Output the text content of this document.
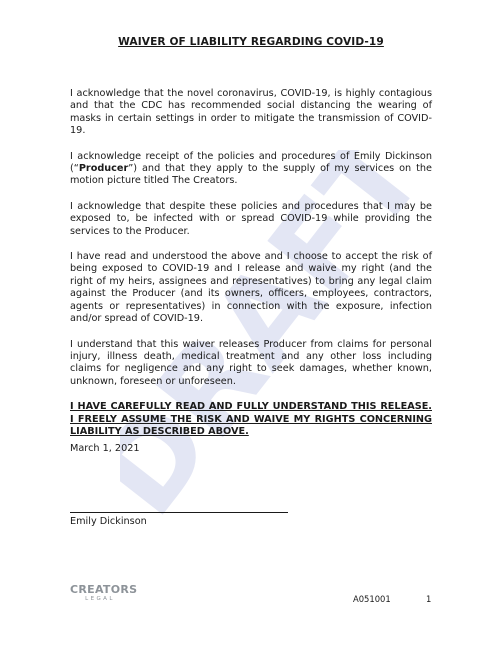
DRAFT
WAIVER OF LIABILITY REGARDING COVID-19

I acknowledge that the novel coronavirus, COVID-19, is highly contagious and that the CDC has recommended social distancing the wearing of masks in certain settings in order to mitigate the transmission of COVID-19.

I acknowledge receipt of the policies and procedures of Emily Dickinson (“Producer”) and that they apply to the supply of my services on the motion picture titled The Creators.

I acknowledge that despite these policies and procedures that I may be exposed to, be infected with or spread COVID-19 while providing the services to the Producer.

I have read and understood the above and I choose to accept the risk of being exposed to COVID-19 and I release and waive my right (and the right of my heirs, assignees and representatives) to bring any legal claim against the Producer (and its owners, officers, employees, contractors, agents or representatives) in connection with the exposure, infection and/or spread of COVID-19.

I understand that this waiver releases Producer from claims for personal injury, illness death, medical treatment and any other loss including claims for negligence and any right to seek damages, whether known, unknown, foreseen or unforeseen.

I HAVE CAREFULLY READ AND FULLY UNDERSTAND THIS RELEASE. I FREELY ASSUME THE RISK AND WAIVE MY RIGHTS CONCERNING LIABILITY AS DESCRIBED ABOVE.

March 1, 2021
Emily Dickinson
CREATORS
LEGAL	A051001	1
